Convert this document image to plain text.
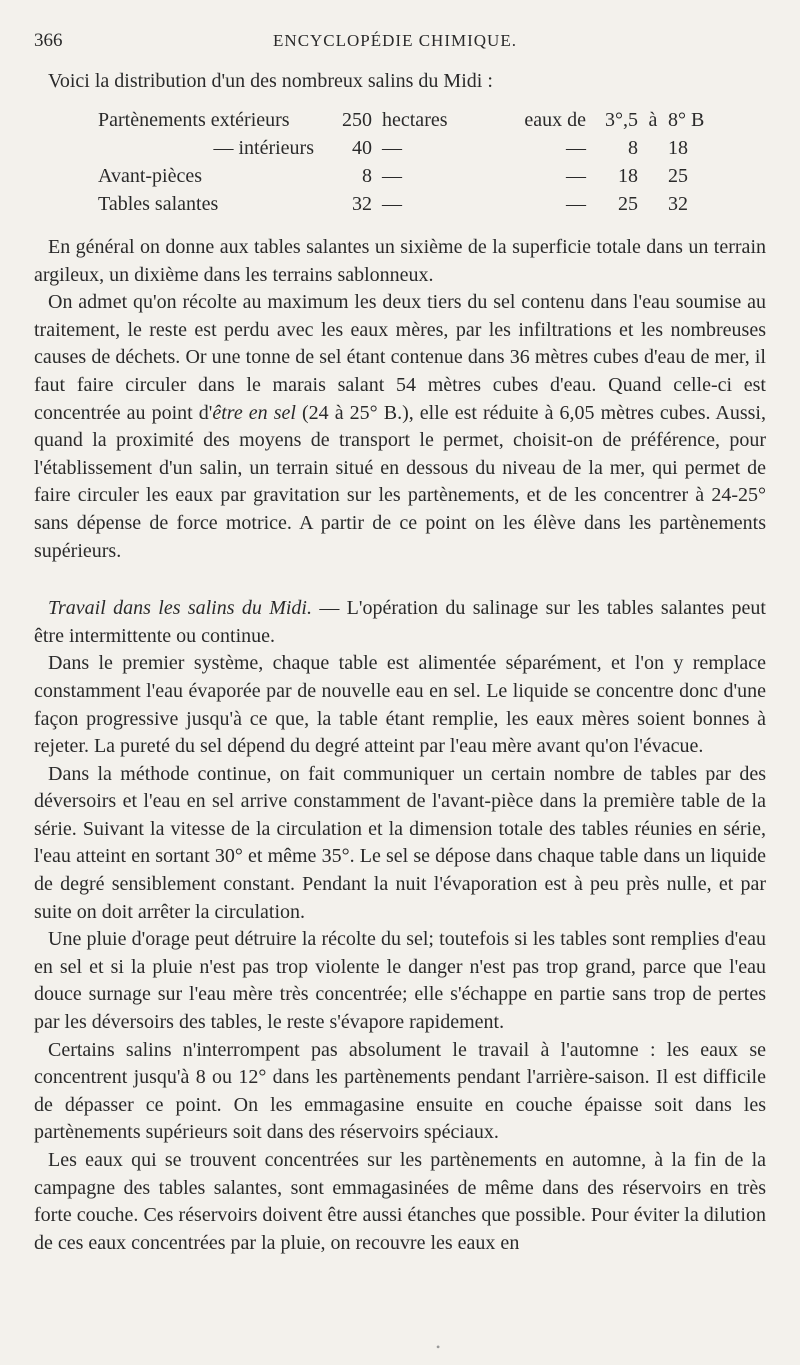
366	ENCYCLOPÉDIE CHIMIQUE.

Voici la distribution d'un des nombreux salins du Midi :

Partènements extérieurs	250	hectares	eaux de	3°,5	à	8° B
— intérieurs	40	—	—	8		18
Avant-pièces	8	—	—	18		25
Tables salantes	32	—	—	25		32

En général on donne aux tables salantes un sixième de la superficie totale dans un terrain argileux, un dixième dans les terrains sablonneux.

On admet qu'on récolte au maximum les deux tiers du sel contenu dans l'eau soumise au traitement, le reste est perdu avec les eaux mères, par les infiltrations et les nombreuses causes de déchets. Or une tonne de sel étant contenue dans 36 mètres cubes d'eau de mer, il faut faire circuler dans le marais salant 54 mètres cubes d'eau. Quand celle-ci est concentrée au point d'être en sel (24 à 25° B.), elle est réduite à 6,05 mètres cubes. Aussi, quand la proximité des moyens de transport le permet, choisit-on de préférence, pour l'établissement d'un salin, un terrain situé en dessous du niveau de la mer, qui permet de faire circuler les eaux par gravitation sur les partènements, et de les concentrer à 24-25° sans dépense de force motrice. A partir de ce point on les élève dans les partènements supérieurs.

Travail dans les salins du Midi. — L'opération du salinage sur les tables salantes peut être intermittente ou continue.

Dans le premier système, chaque table est alimentée séparément, et l'on y remplace constamment l'eau évaporée par de nouvelle eau en sel. Le liquide se concentre donc d'une façon progressive jusqu'à ce que, la table étant remplie, les eaux mères soient bonnes à rejeter. La pureté du sel dépend du degré atteint par l'eau mère avant qu'on l'évacue.

Dans la méthode continue, on fait communiquer un certain nombre de tables par des déversoirs et l'eau en sel arrive constamment de l'avant-pièce dans la première table de la série. Suivant la vitesse de la circulation et la dimension totale des tables réunies en série, l'eau atteint en sortant 30° et même 35°. Le sel se dépose dans chaque table dans un liquide de degré sensiblement constant. Pendant la nuit l'évaporation est à peu près nulle, et par suite on doit arrêter la circulation.

Une pluie d'orage peut détruire la récolte du sel; toutefois si les tables sont remplies d'eau en sel et si la pluie n'est pas trop violente le danger n'est pas trop grand, parce que l'eau douce surnage sur l'eau mère très concentrée; elle s'échappe en partie sans trop de pertes par les déversoirs des tables, le reste s'évapore rapidement.

Certains salins n'interrompent pas absolument le travail à l'automne : les eaux se concentrent jusqu'à 8 ou 12° dans les partènements pendant l'arrière-saison. Il est difficile de dépasser ce point. On les emmagasine ensuite en couche épaisse soit dans les partènements supérieurs soit dans des réservoirs spéciaux.

Les eaux qui se trouvent concentrées sur les partènements en automne, à la fin de la campagne des tables salantes, sont emmagasinées de même dans des réservoirs en très forte couche. Ces réservoirs doivent être aussi étanches que possible. Pour éviter la dilution de ces eaux concentrées par la pluie, on recouvre les eaux en

•
